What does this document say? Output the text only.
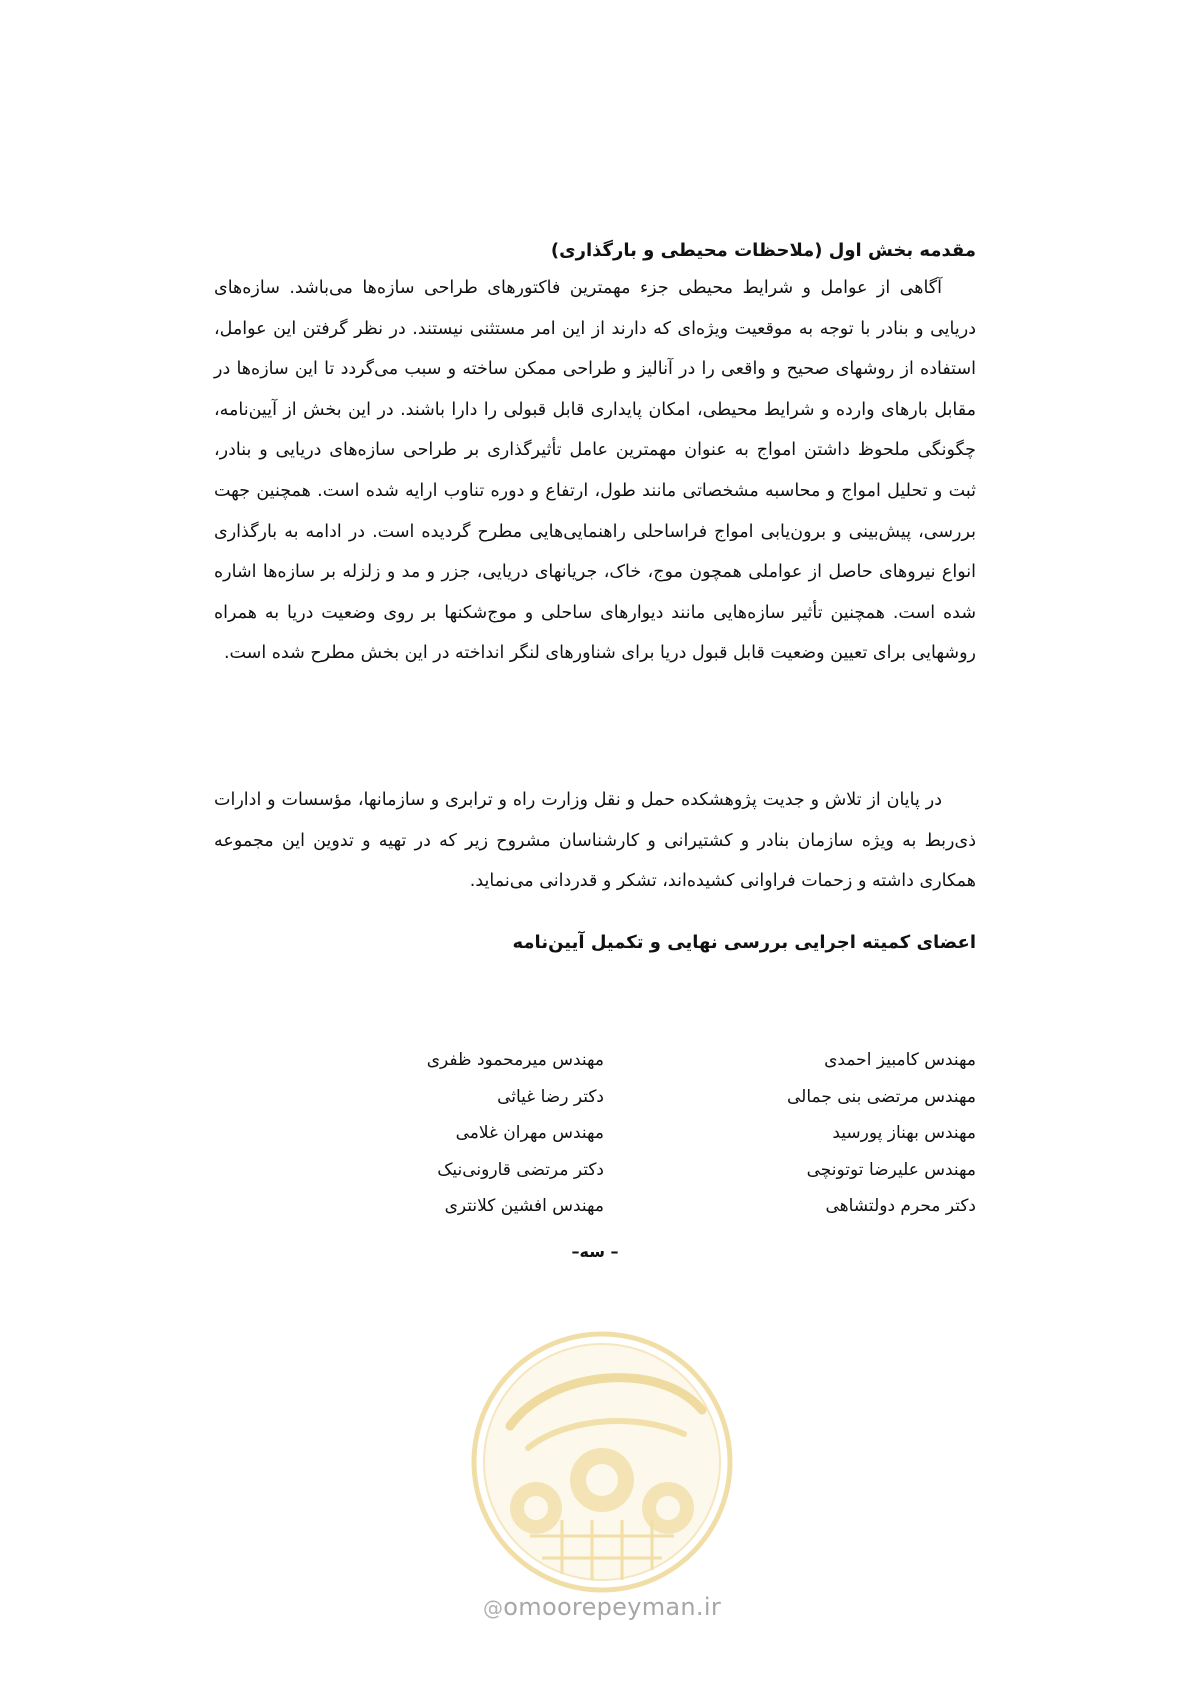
مقدمه بخش اول (ملاحظات محیطی و بارگذاری)

آگاهی از عوامل و شرایط محیطی جزء مهمترین فاکتورهای طراحی سازه‌ها می‌باشد. سازه‌های دریایی و بنادر با توجه به موقعیت ویژه‌ای که دارند از این امر مستثنی نیستند. در نظر گرفتن این عوامل، استفاده از روشهای صحیح و واقعی را در آنالیز و طراحی ممکن ساخته و سبب می‌گردد تا این سازه‌ها در مقابل بارهای وارده و شرایط محیطی، امکان پایداری قابل قبولی را دارا باشند. در این بخش از آیین‌نامه، چگونگی ملحوظ داشتن امواج به عنوان مهمترین عامل تأثیرگذاری بر طراحی سازه‌های دریایی و بنادر، ثبت و تحلیل امواج و محاسبه مشخصاتی مانند طول، ارتفاع و دوره تناوب ارایه شده است. همچنین جهت بررسی، پیش‌بینی و برون‌یابی امواج فراساحلی راهنمایی‌هایی مطرح گردیده است. در ادامه به بارگذاری انواع نیروهای حاصل از عواملی همچون موج، خاک، جریانهای دریایی، جزر و مد و زلزله بر سازه‌ها اشاره شده است. همچنین تأثیر سازه‌هایی مانند دیوارهای ساحلی و موج‌شکنها بر روی وضعیت دریا به همراه روشهایی برای تعیین وضعیت قابل قبول دریا برای شناورهای لنگر انداخته در این بخش مطرح شده است.

در پایان از تلاش و جدیت پژوهشکده حمل و نقل وزارت راه و ترابری و سازمانها، مؤسسات و ادارات ذی‌ربط به ویژه سازمان بنادر و کشتیرانی و کارشناسان مشروح زیر که در تهیه و تدوین این مجموعه همکاری داشته و زحمات فراوانی کشیده‌اند، تشکر و قدردانی می‌نماید.

اعضای کمیته اجرایی بررسی نهایی و تکمیل آیین‌نامه
مهندس کامبیز احمدی
مهندس مرتضی بنی جمالی
مهندس بهناز پورسید
مهندس علیرضا توتونچی
دکتر محرم دولتشاهی
مهندس میرمحمود ظفری
دکتر رضا غیاثی
مهندس مهران غلامی
دکتر مرتضی قارونی‌نیک
مهندس افشین کلانتری
– سه–
@omoorepeyman.ir
